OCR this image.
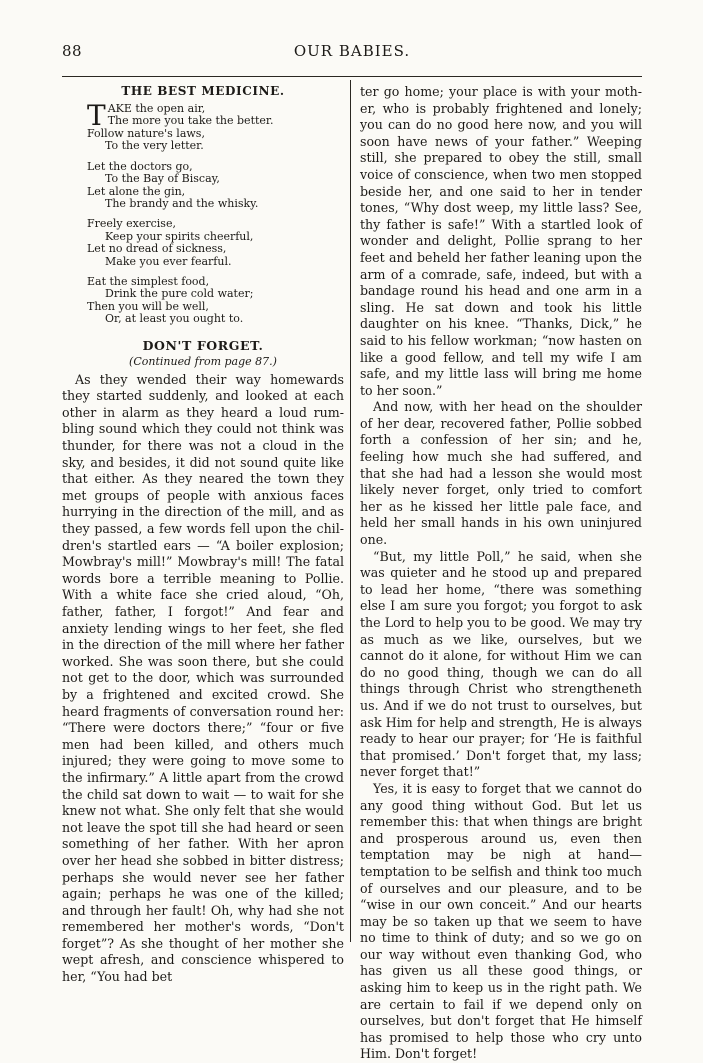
88	OUR BABIES.
THE BEST MEDICINE.
T AKE the open air,
The more you take the better.
Follow nature's laws,
To the very letter.
Let the doctors go,
To the Bay of Biscay,
Let alone the gin,
The brandy and the whisky.
Freely exercise,
Keep your spirits cheerful,
Let no dread of sickness,
Make you ever fearful.
Eat the simplest food,
Drink the pure cold water;
Then you will be well,
Or, at least you ought to.
DON'T FORGET.
(Continued from page 87.)

As they wended their way homewards they started suddenly, and looked at each other in alarm as they heard a loud rumbling sound which they could not think was thunder, for there was not a cloud in the sky, and besides, it did not sound quite like that either. As they neared the town they met groups of people with anxious faces hurrying in the direction of the mill, and as they passed, a few words fell upon the children's startled ears — “A boiler explosion; Mowbray's mill!” Mowbray's mill! The fatal words bore a terrible meaning to Pollie. With a white face she cried aloud, “Oh, father, father, I forgot!” And fear and anxiety lending wings to her feet, she fled in the direction of the mill where her father worked. She was soon there, but she could not get to the door, which was surrounded by a frightened and excited crowd. She heard fragments of conversation round her: “There were doctors there;” “four or five men had been killed, and others much injured; they were going to move some to the infirmary.” A little apart from the crowd the child sat down to wait — to wait for she knew not what. She only felt that she would not leave the spot till she had heard or seen something of her father. With her apron over her head she sobbed in bitter distress; perhaps she would never see her father again; perhaps he was one of the killed; and through her fault! Oh, why had she not remembered her mother's words, “Don't forget”? As she thought of her mother she wept afresh, and conscience whispered to her, “You had bet

ter go home; your place is with your mother, who is probably frightened and lonely; you can do no good here now, and you will soon have news of your father.” Weeping still, she prepared to obey the still, small voice of conscience, when two men stopped beside her, and one said to her in tender tones, “Why dost weep, my little lass? See, thy father is safe!” With a startled look of wonder and delight, Pollie sprang to her feet and beheld her father leaning upon the arm of a comrade, safe, indeed, but with a bandage round his head and one arm in a sling. He sat down and took his little daughter on his knee. “Thanks, Dick,” he said to his fellow workman; “now hasten on like a good fellow, and tell my wife I am safe, and my little lass will bring me home to her soon.”

And now, with her head on the shoulder of her dear, recovered father, Pollie sobbed forth a confession of her sin; and he, feeling how much she had suffered, and that she had had a lesson she would most likely never forget, only tried to comfort her as he kissed her little pale face, and held her small hands in his own uninjured one.

“But, my little Poll,” he said, when she was quieter and he stood up and prepared to lead her home, “there was something else I am sure you forgot; you forgot to ask the Lord to help you to be good. We may try as much as we like, ourselves, but we cannot do it alone, for without Him we can do no good thing, though we can do all things through Christ who strengtheneth us. And if we do not trust to ourselves, but ask Him for help and strength, He is always ready to hear our prayer; for ‘He is faithful that promised.’ Don't forget that, my lass; never forget that!”

Yes, it is easy to forget that we cannot do any good thing without God. But let us remember this: that when things are bright and prosperous around us, even then temptation may be nigh at hand—temptation to be selfish and think too much of ourselves and our pleasure, and to be “wise in our own conceit.” And our hearts may be so taken up that we seem to have no time to think of duty; and so we go on our way without even thanking God, who has given us all these good things, or asking him to keep us in the right path. We are certain to fail if we depend only on ourselves, but don't forget that He himself has promised to help those who cry unto Him. Don't forget!
